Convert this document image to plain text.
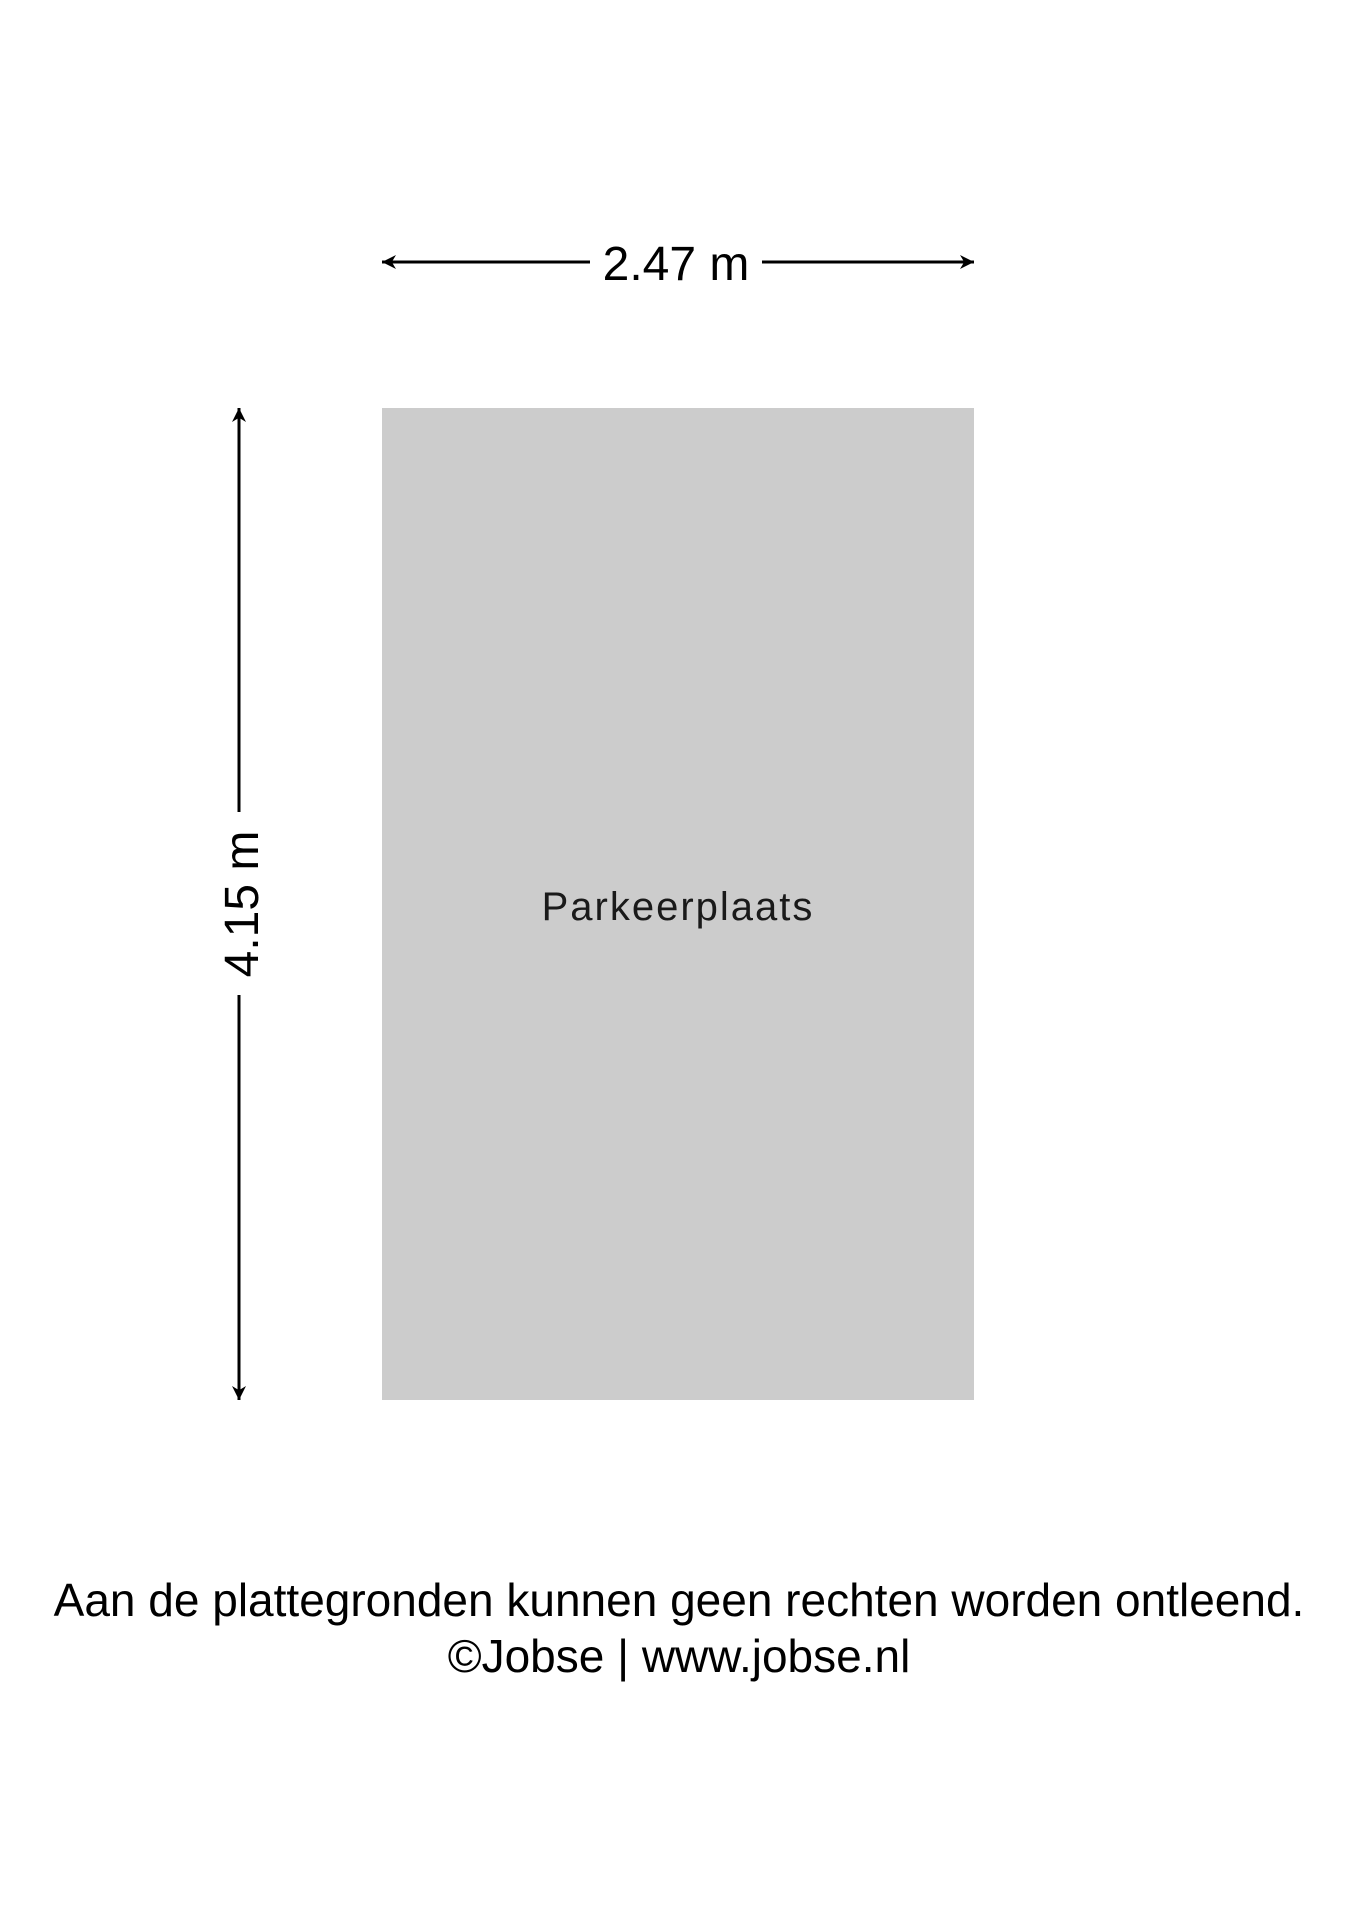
Parkeerplaats
2.47 m
4.15 m
Aan de plattegronden kunnen geen rechten worden ontleend.
©Jobse | www.jobse.nl
